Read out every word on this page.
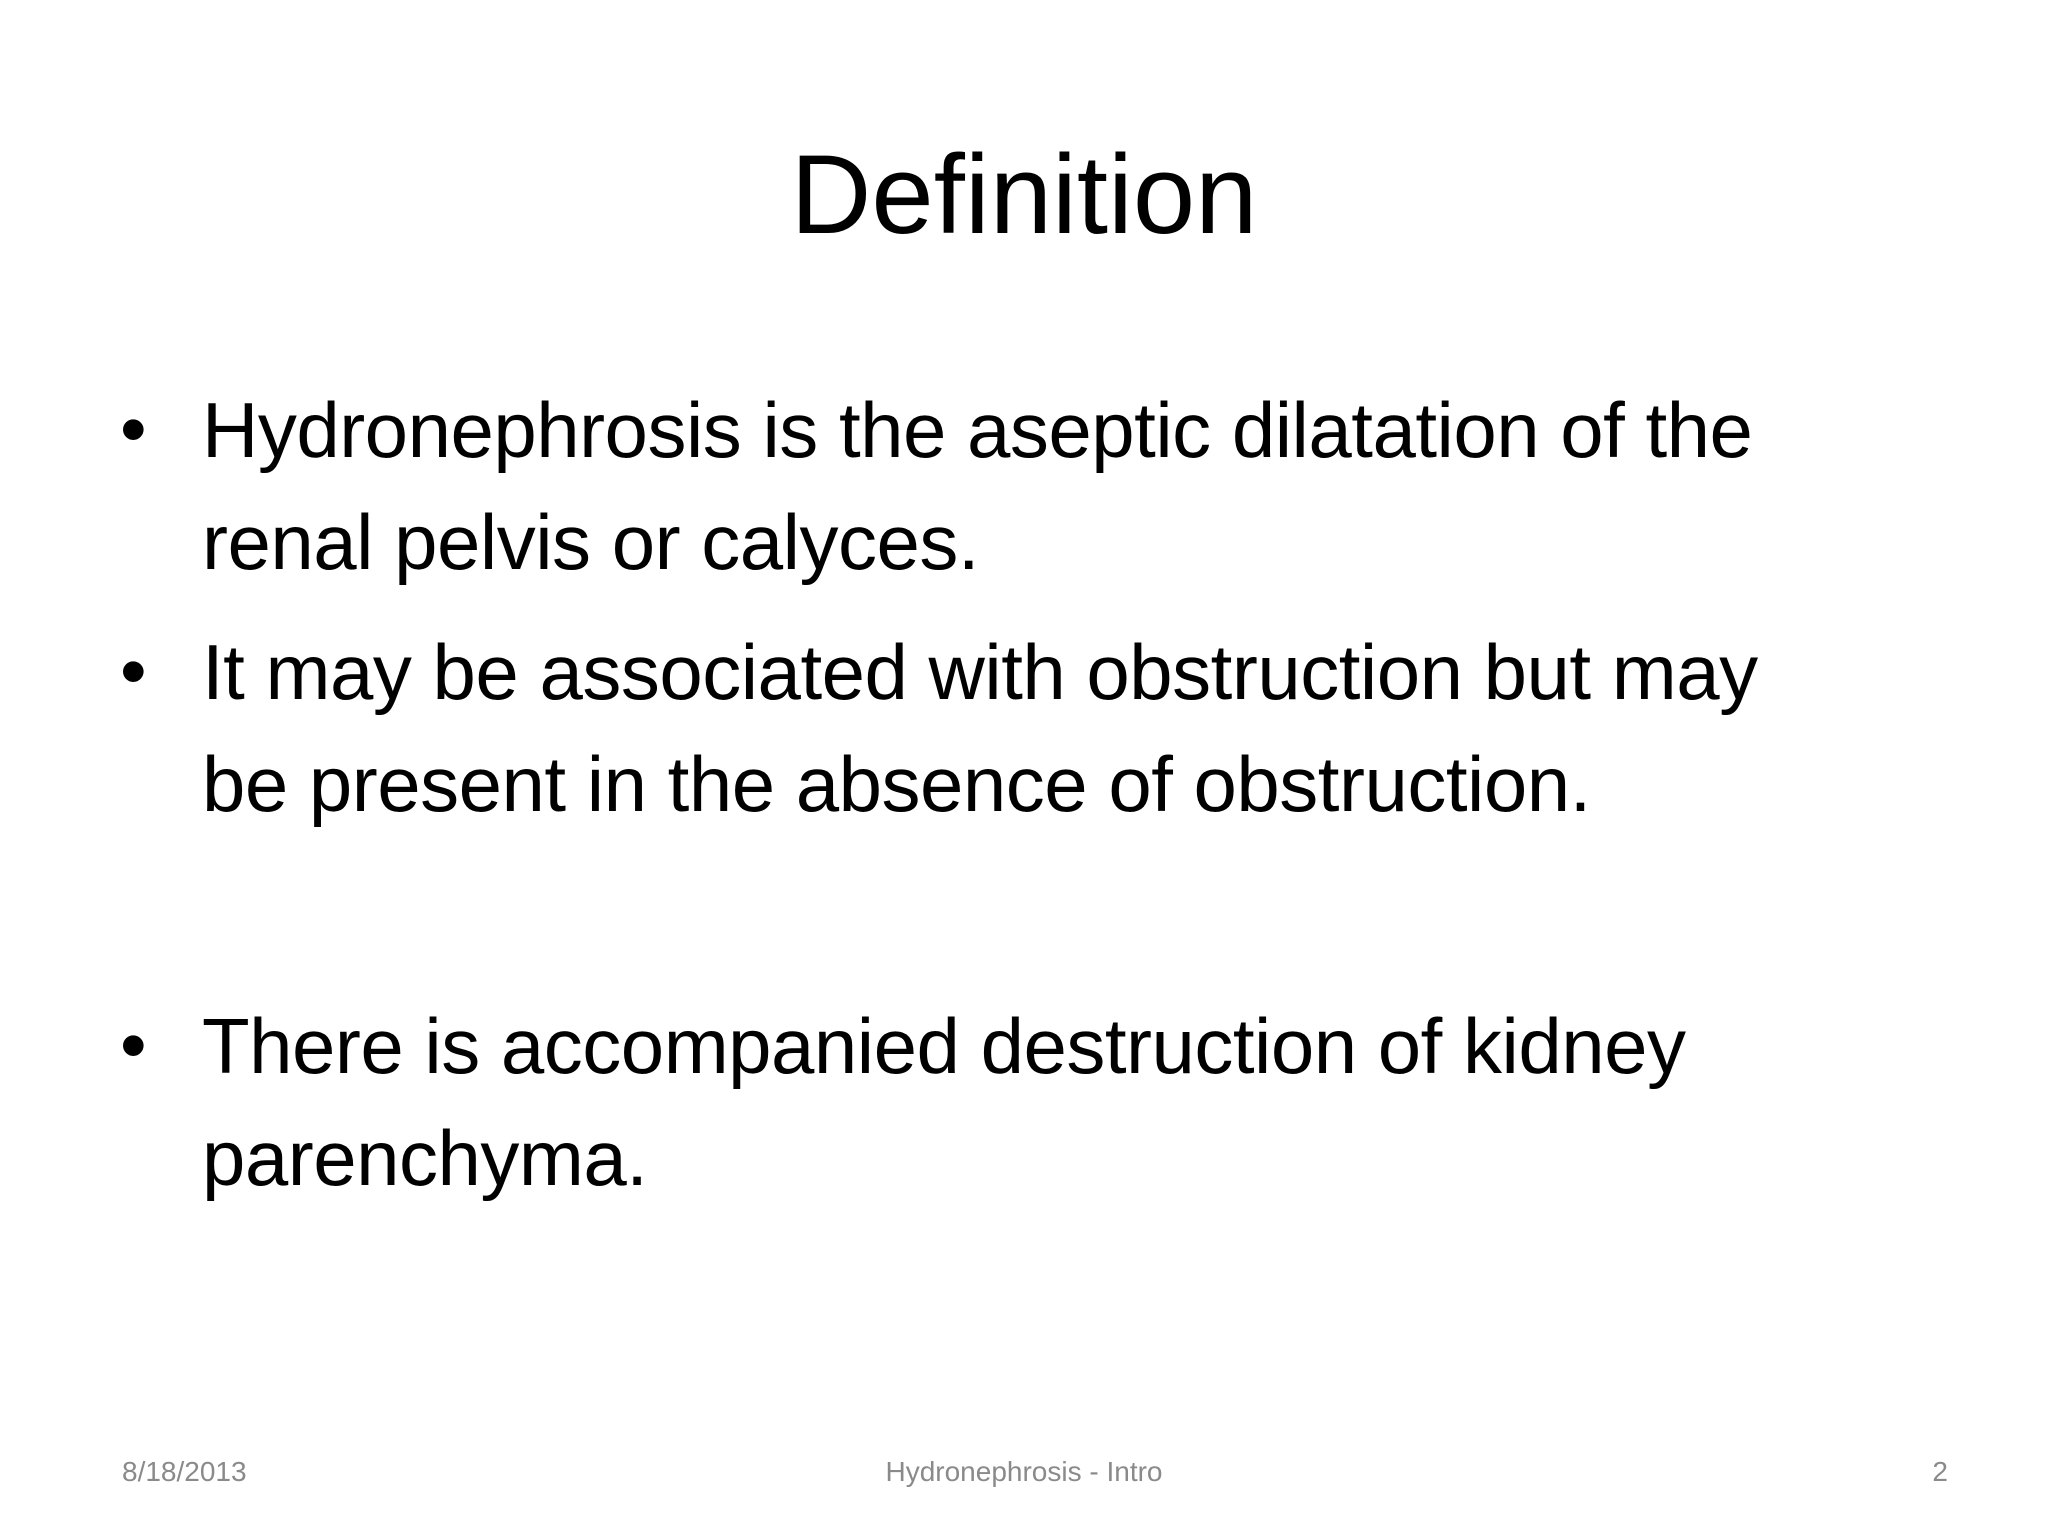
Definition
• Hydronephrosis is the aseptic dilatation of the
renal pelvis or calyces.
• It may be associated with obstruction but may
be present in the absence of obstruction.
• There is accompanied destruction of kidney
parenchyma.
8/18/2013	Hydronephrosis - Intro	2
